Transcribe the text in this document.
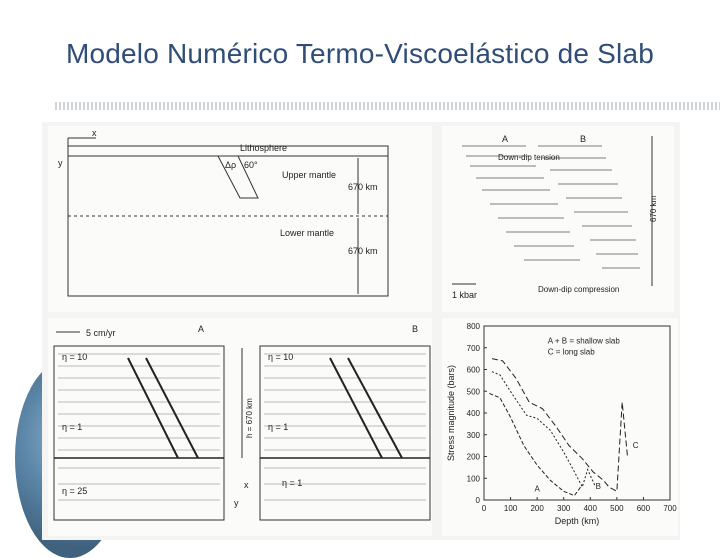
Modelo Numérico Termo-Viscoelástico de Slab
x
y
Lithosphere
Δρ 60°
Upper mantle
Lower mantle
670 km
670 km
A	B
Down-dip tension
Down-dip compression
670 km
1 kbar
5 cm/yr	A	B
η = 10
η = 1
η = 25
η = 10
η = 1
η = 1
h = 670 km
x
y
0 100 200 300 400 500 600 700
0
100
200
300
400
500
600
700
800
Depth (km)
Stress magnitude (bars)
A + B = shallow slab
C = long slab
A	B
C
